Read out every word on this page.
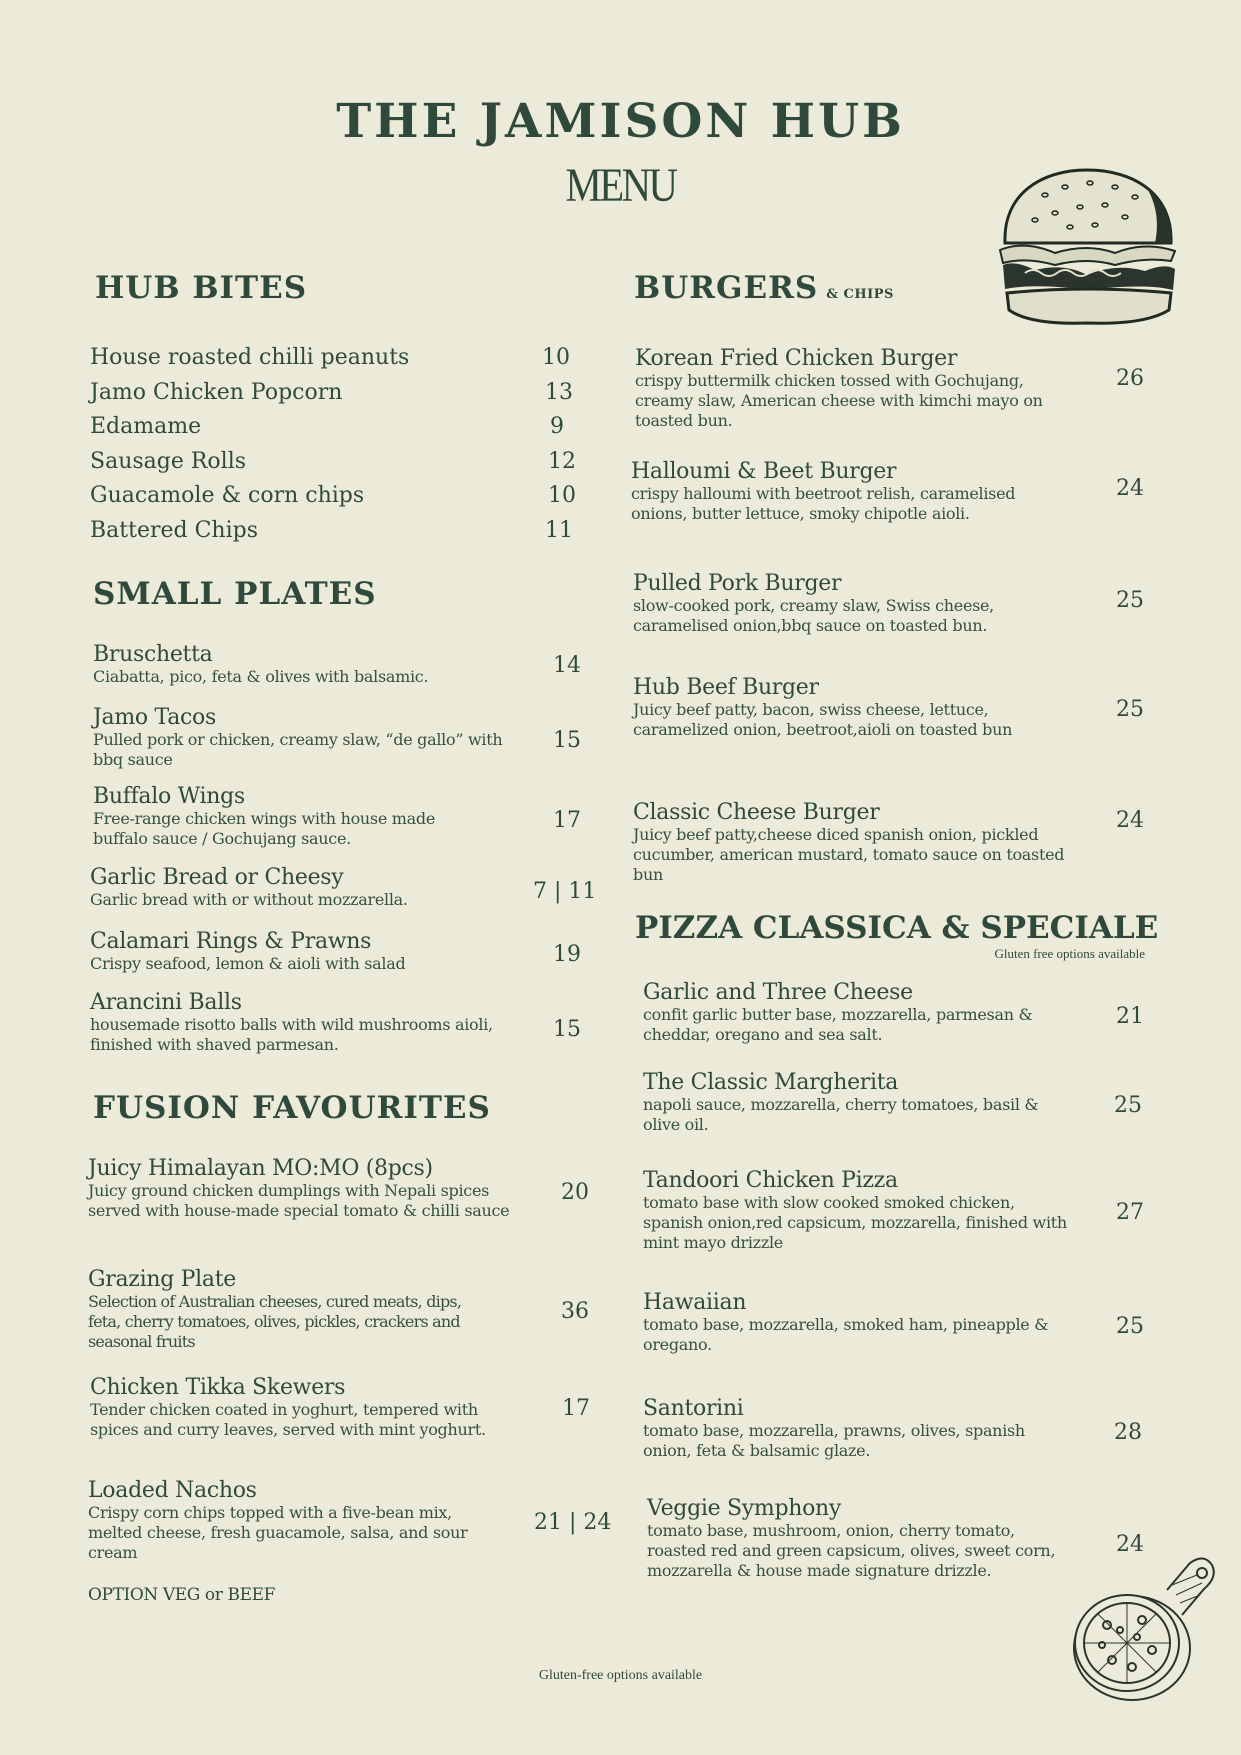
THE JAMISON HUB
MENU
HUB BITES
House roasted chilli peanuts	10
Jamo Chicken Popcorn	13
Edamame	9
Sausage Rolls	12
Guacamole & corn chips	10
Battered Chips	11
SMALL PLATES
Bruschetta
Ciabatta, pico, feta & olives with balsamic.	14
Jamo Tacos
Pulled pork or chicken, creamy slaw, “de gallo” with bbq sauce
15
Buffalo Wings
Free-range chicken wings with house made buffalo sauce / Gochujang sauce.
17
Garlic Bread or Cheesy
Garlic bread with or without mozzarella.	7 | 11
Calamari Rings & Prawns
Crispy seafood, lemon & aioli with salad	19
Arancini Balls
housemade risotto balls with wild mushrooms aioli, finished with shaved parmesan.
15
FUSION FAVOURITES
Juicy Himalayan MO:MO (8pcs)
Juicy ground chicken dumplings with Nepali spices served with house-made special tomato & chilli sauce
20
Grazing Plate
Selection of Australian cheeses, cured meats, dips, feta, cherry tomatoes, olives, pickles, crackers and seasonal fruits
36
Chicken Tikka Skewers
Tender chicken coated in yoghurt, tempered with spices and curry leaves, served with mint yoghurt.
17
Loaded Nachos
Crispy corn chips topped with a five-bean mix, melted cheese, fresh guacamole, salsa, and sour cream
21 | 24
OPTION VEG or BEEF
BURGERS & CHIPS
Korean Fried Chicken Burger
crispy buttermilk chicken tossed with Gochujang, creamy slaw, American cheese with kimchi mayo on toasted bun.
26
Halloumi & Beet Burger
crispy halloumi with beetroot relish, caramelised onions, butter lettuce, smoky chipotle aioli.
24
Pulled Pork Burger
slow-cooked pork, creamy slaw, Swiss cheese, caramelised onion,bbq sauce on toasted bun.
25
Hub Beef Burger
Juicy beef patty, bacon, swiss cheese, lettuce, caramelized onion, beetroot,aioli on toasted bun
25
Classic Cheese Burger
Juicy beef patty,cheese diced spanish onion, pickled cucumber, american mustard, tomato sauce on toasted bun
24
PIZZA CLASSICA & SPECIALE
Gluten free options available
Garlic and Three Cheese
confit garlic butter base, mozzarella, parmesan & cheddar, oregano and sea salt.
21
The Classic Margherita
napoli sauce, mozzarella, cherry tomatoes, basil & olive oil.
25
Tandoori Chicken Pizza
tomato base with slow cooked smoked chicken, spanish onion,red capsicum, mozzarella, finished with mint mayo drizzle
27
Hawaiian
tomato base, mozzarella, smoked ham, pineapple & oregano.
25
Santorini
tomato base, mozzarella, prawns, olives, spanish onion, feta & balsamic glaze.
28
Veggie Symphony
tomato base, mushroom, onion, cherry tomato, roasted red and green capsicum, olives, sweet corn, mozzarella & house made signature drizzle.
24
Gluten-free options available
